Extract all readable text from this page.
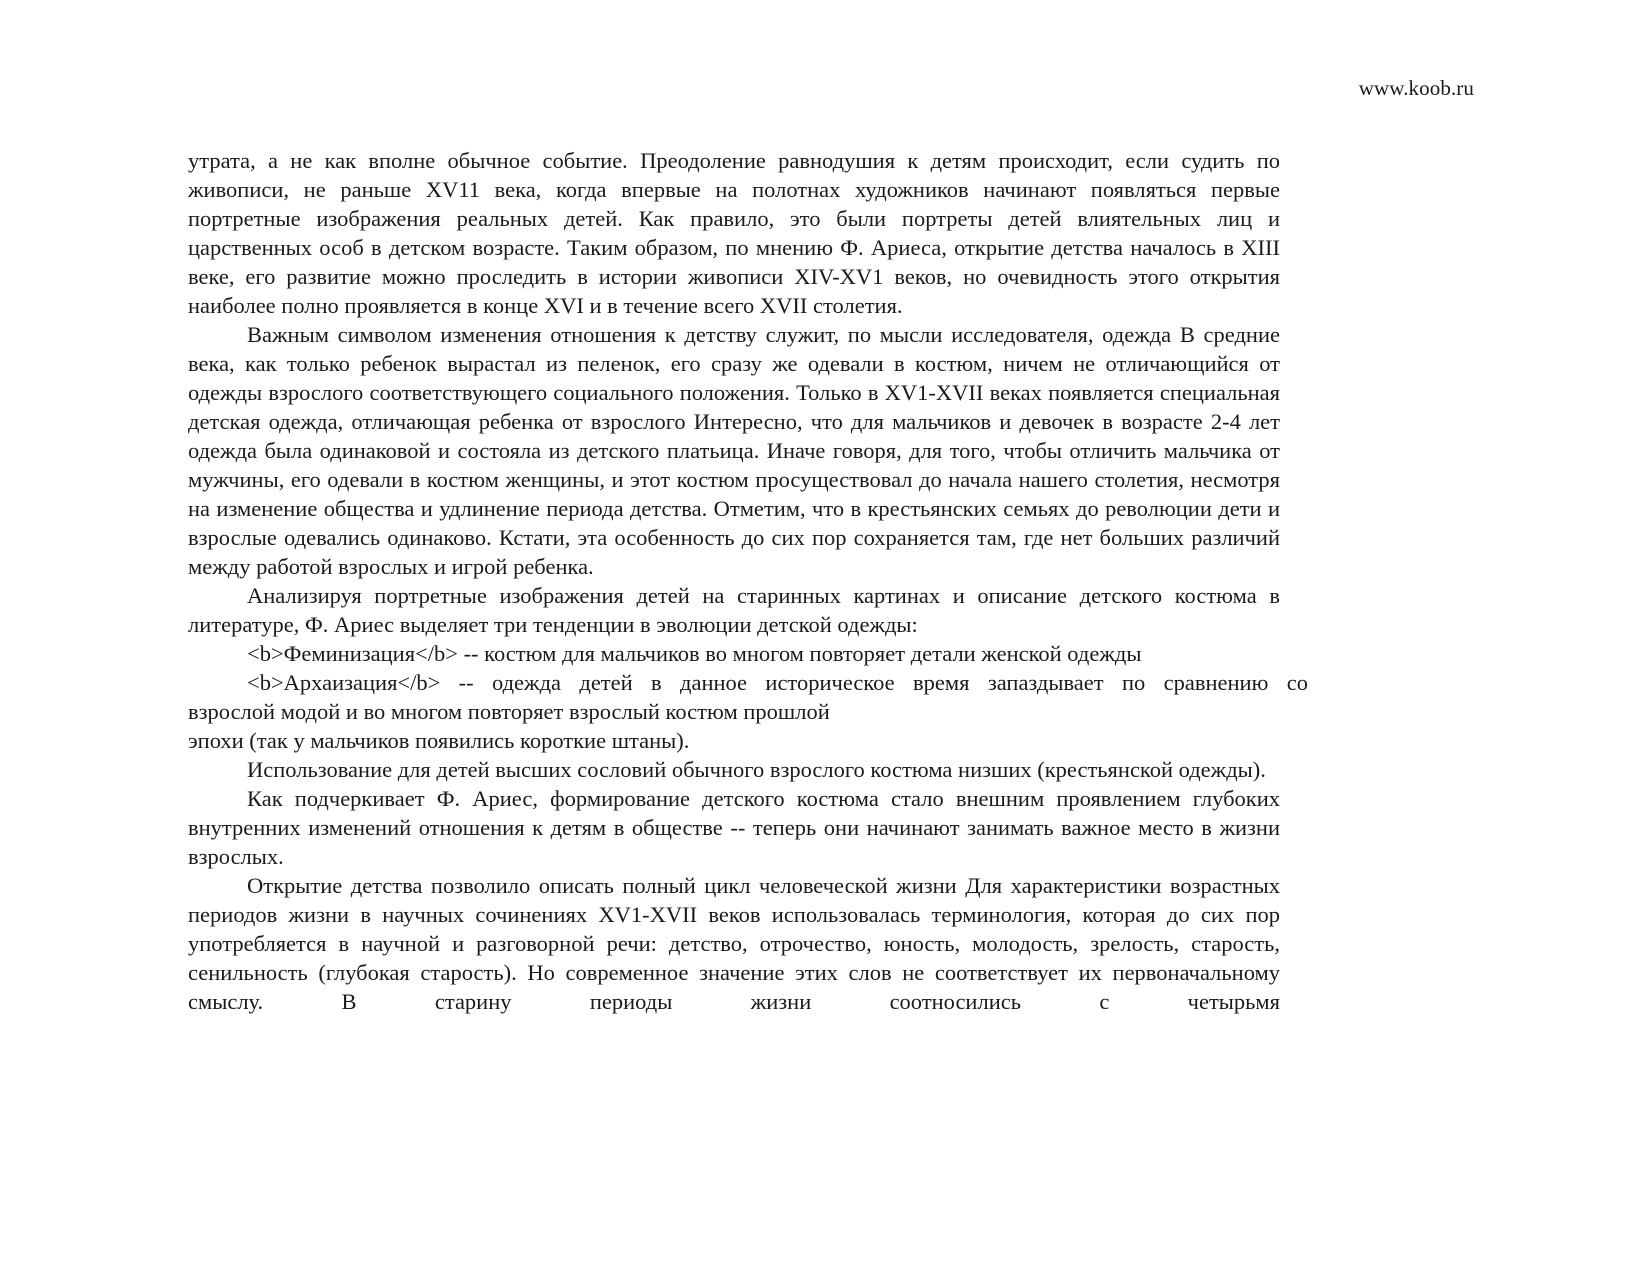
www.koob.ru

утрата, а не как вполне обычное событие. Преодоление равнодушия к детям происходит, если судить по живописи, не раньше XV11 века, когда впервые на полотнах художников начинают появляться первые портретные изображения реальных детей. Как правило, это были портреты детей влиятельных лиц и царственных особ в детском возрасте. Таким образом, по мнению Ф. Ариеса, открытие детства началось в XIII веке, его развитие можно проследить в истории живописи XIV-XV1 веков, но очевидность этого открытия наиболее полно проявляется в конце XVI и в течение всего XVII столетия.

Важным символом изменения отношения к детству служит, по мысли исследователя, одежда В средние века, как только ребенок вырастал из пеленок, его сразу же одевали в костюм, ничем не отличающийся от одежды взрослого соответствующего социального положения. Только в XV1-XVII веках появляется специальная детская одежда, отличающая ребенка от взрослого Интересно, что для мальчиков и девочек в возрасте 2-4 лет одежда была одинаковой и состояла из детского платьица. Иначе говоря, для того, чтобы отличить мальчика от мужчины, его одевали в костюм женщины, и этот костюм просуществовал до начала нашего столетия, несмотря на изменение общества и удлинение периода детства. Отметим, что в крестьянских семьях до революции дети и взрослые одевались одинаково. Кстати, эта особенность до сих пор сохраняется там, где нет больших различий между работой взрослых и игрой ребенка.

Анализируя портретные изображения детей на старинных картинах и описание детского костюма в литературе, Ф. Ариес выделяет три тенденции в эволюции детской одежды:

<b>Феминизация</b> -- костюм для мальчиков во многом повторяет детали женской одежды

<b>Архаизация</b> -- одежда детей в данное историческое время запаздывает по сравнению со
взрослой модой и во многом повторяет взрослый костюм прошлой
эпохи (так у мальчиков появились короткие штаны).

Использование для детей высших сословий обычного взрослого костюма низших (крестьянской одежды).

Как подчеркивает Ф. Ариес, формирование детского костюма стало внешним проявлением глубоких внутренних изменений отношения к детям в обществе -- теперь они начинают занимать важное место в жизни взрослых.

Открытие детства позволило описать полный цикл человеческой жизни Для характеристики возрастных периодов жизни в научных сочинениях XV1-XVII веков использовалась терминология, которая до сих пор употребляется в научной и разговорной речи: детство, отрочество, юность, молодость, зрелость, старость, сенильность (глубокая старость). Но современное значение этих слов не соответствует их первоначальному смыслу. В старину периоды жизни соотносились с четырьмя
